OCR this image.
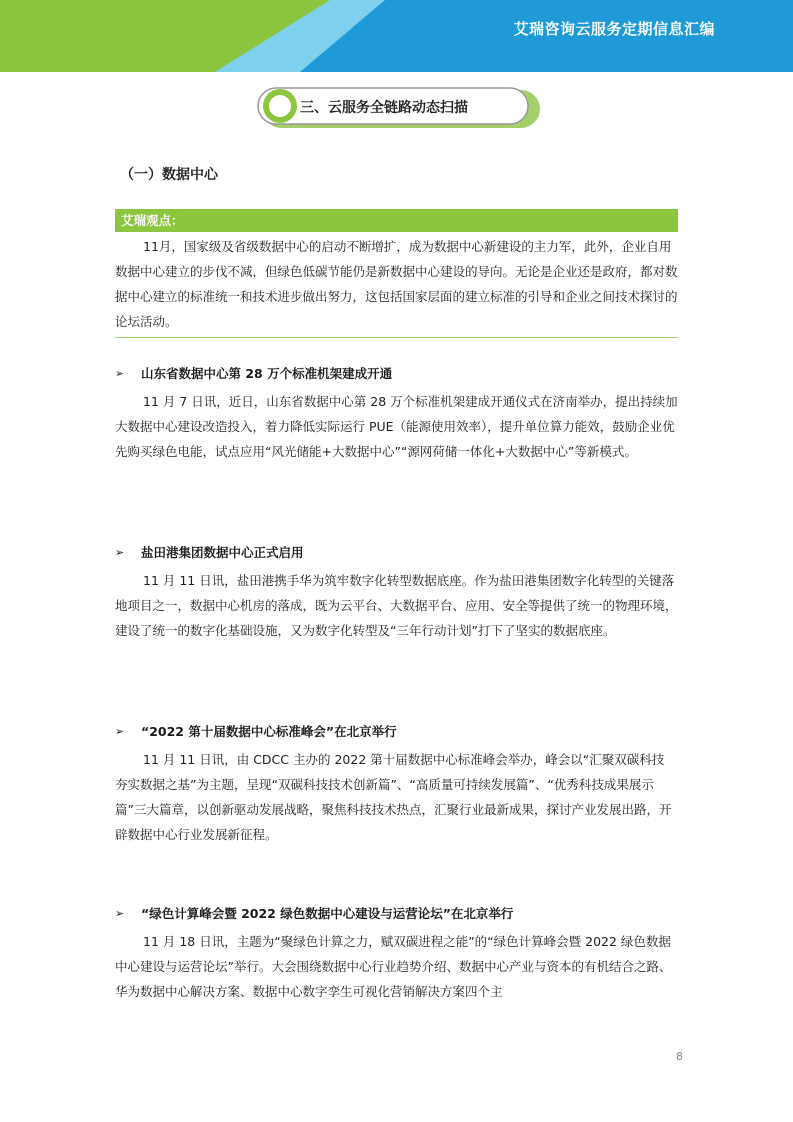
艾瑞咨询云服务定期信息汇编
三、云服务全链路动态扫描
（一）数据中心
艾瑞观点：

11月，国家级及省级数据中心的启动不断增扩，成为数据中心新建设的主力军，此外，企业自用数据中心建立的步伐不减，但绿色低碳节能仍是新数据中心建设的导向。无论是企业还是政府，都对数据中心建立的标准统一和技术进步做出努力，这包括国家层面的建立标准的引导和企业之间技术探讨的论坛活动。

➢	山东省数据中心第 28 万个标准机架建成开通
11 月 7 日讯，近日，山东省数据中心第 28 万个标准机架建成开通仪式在济南举办，提出持续加大数据中心建设改造投入，着力降低实际运行 PUE（能源使用效率），提升单位算力能效，鼓励企业优先购买绿色电能，试点应用“风光储能+大数据中心”“源网荷储一体化+大数据中心”等新模式。
➢	盐田港集团数据中心正式启用
11 月 11 日讯，盐田港携手华为筑牢数字化转型数据底座。作为盐田港集团数字化转型的关键落地项目之一，数据中心机房的落成，既为云平台、大数据平台、应用、安全等提供了统一的物理环境，建设了统一的数字化基础设施，又为数字化转型及“三年行动计划”打下了坚实的数据底座。
➢	“2022 第十届数据中心标准峰会”在北京举行
11 月 11 日讯，由 CDCC 主办的 2022 第十届数据中心标准峰会举办，峰会以“汇聚双碳科技 夯实数据之基”为主题，呈现“双碳科技技术创新篇”、“高质量可持续发展篇”、“优秀科技成果展示篇”三大篇章，以创新驱动发展战略，聚焦科技技术热点，汇聚行业最新成果，探讨产业发展出路，开辟数据中心行业发展新征程。
➢	“绿色计算峰会暨 2022 绿色数据中心建设与运营论坛”在北京举行
11 月 18 日讯，主题为“聚绿色计算之力，赋双碳进程之能”的“绿色计算峰会暨 2022 绿色数据中心建设与运营论坛”举行。大会围绕数据中心行业趋势介绍、数据中心产业与资本的有机结合之路、华为数据中心解决方案、数据中心数字孪生可视化营销解决方案四个主
8
